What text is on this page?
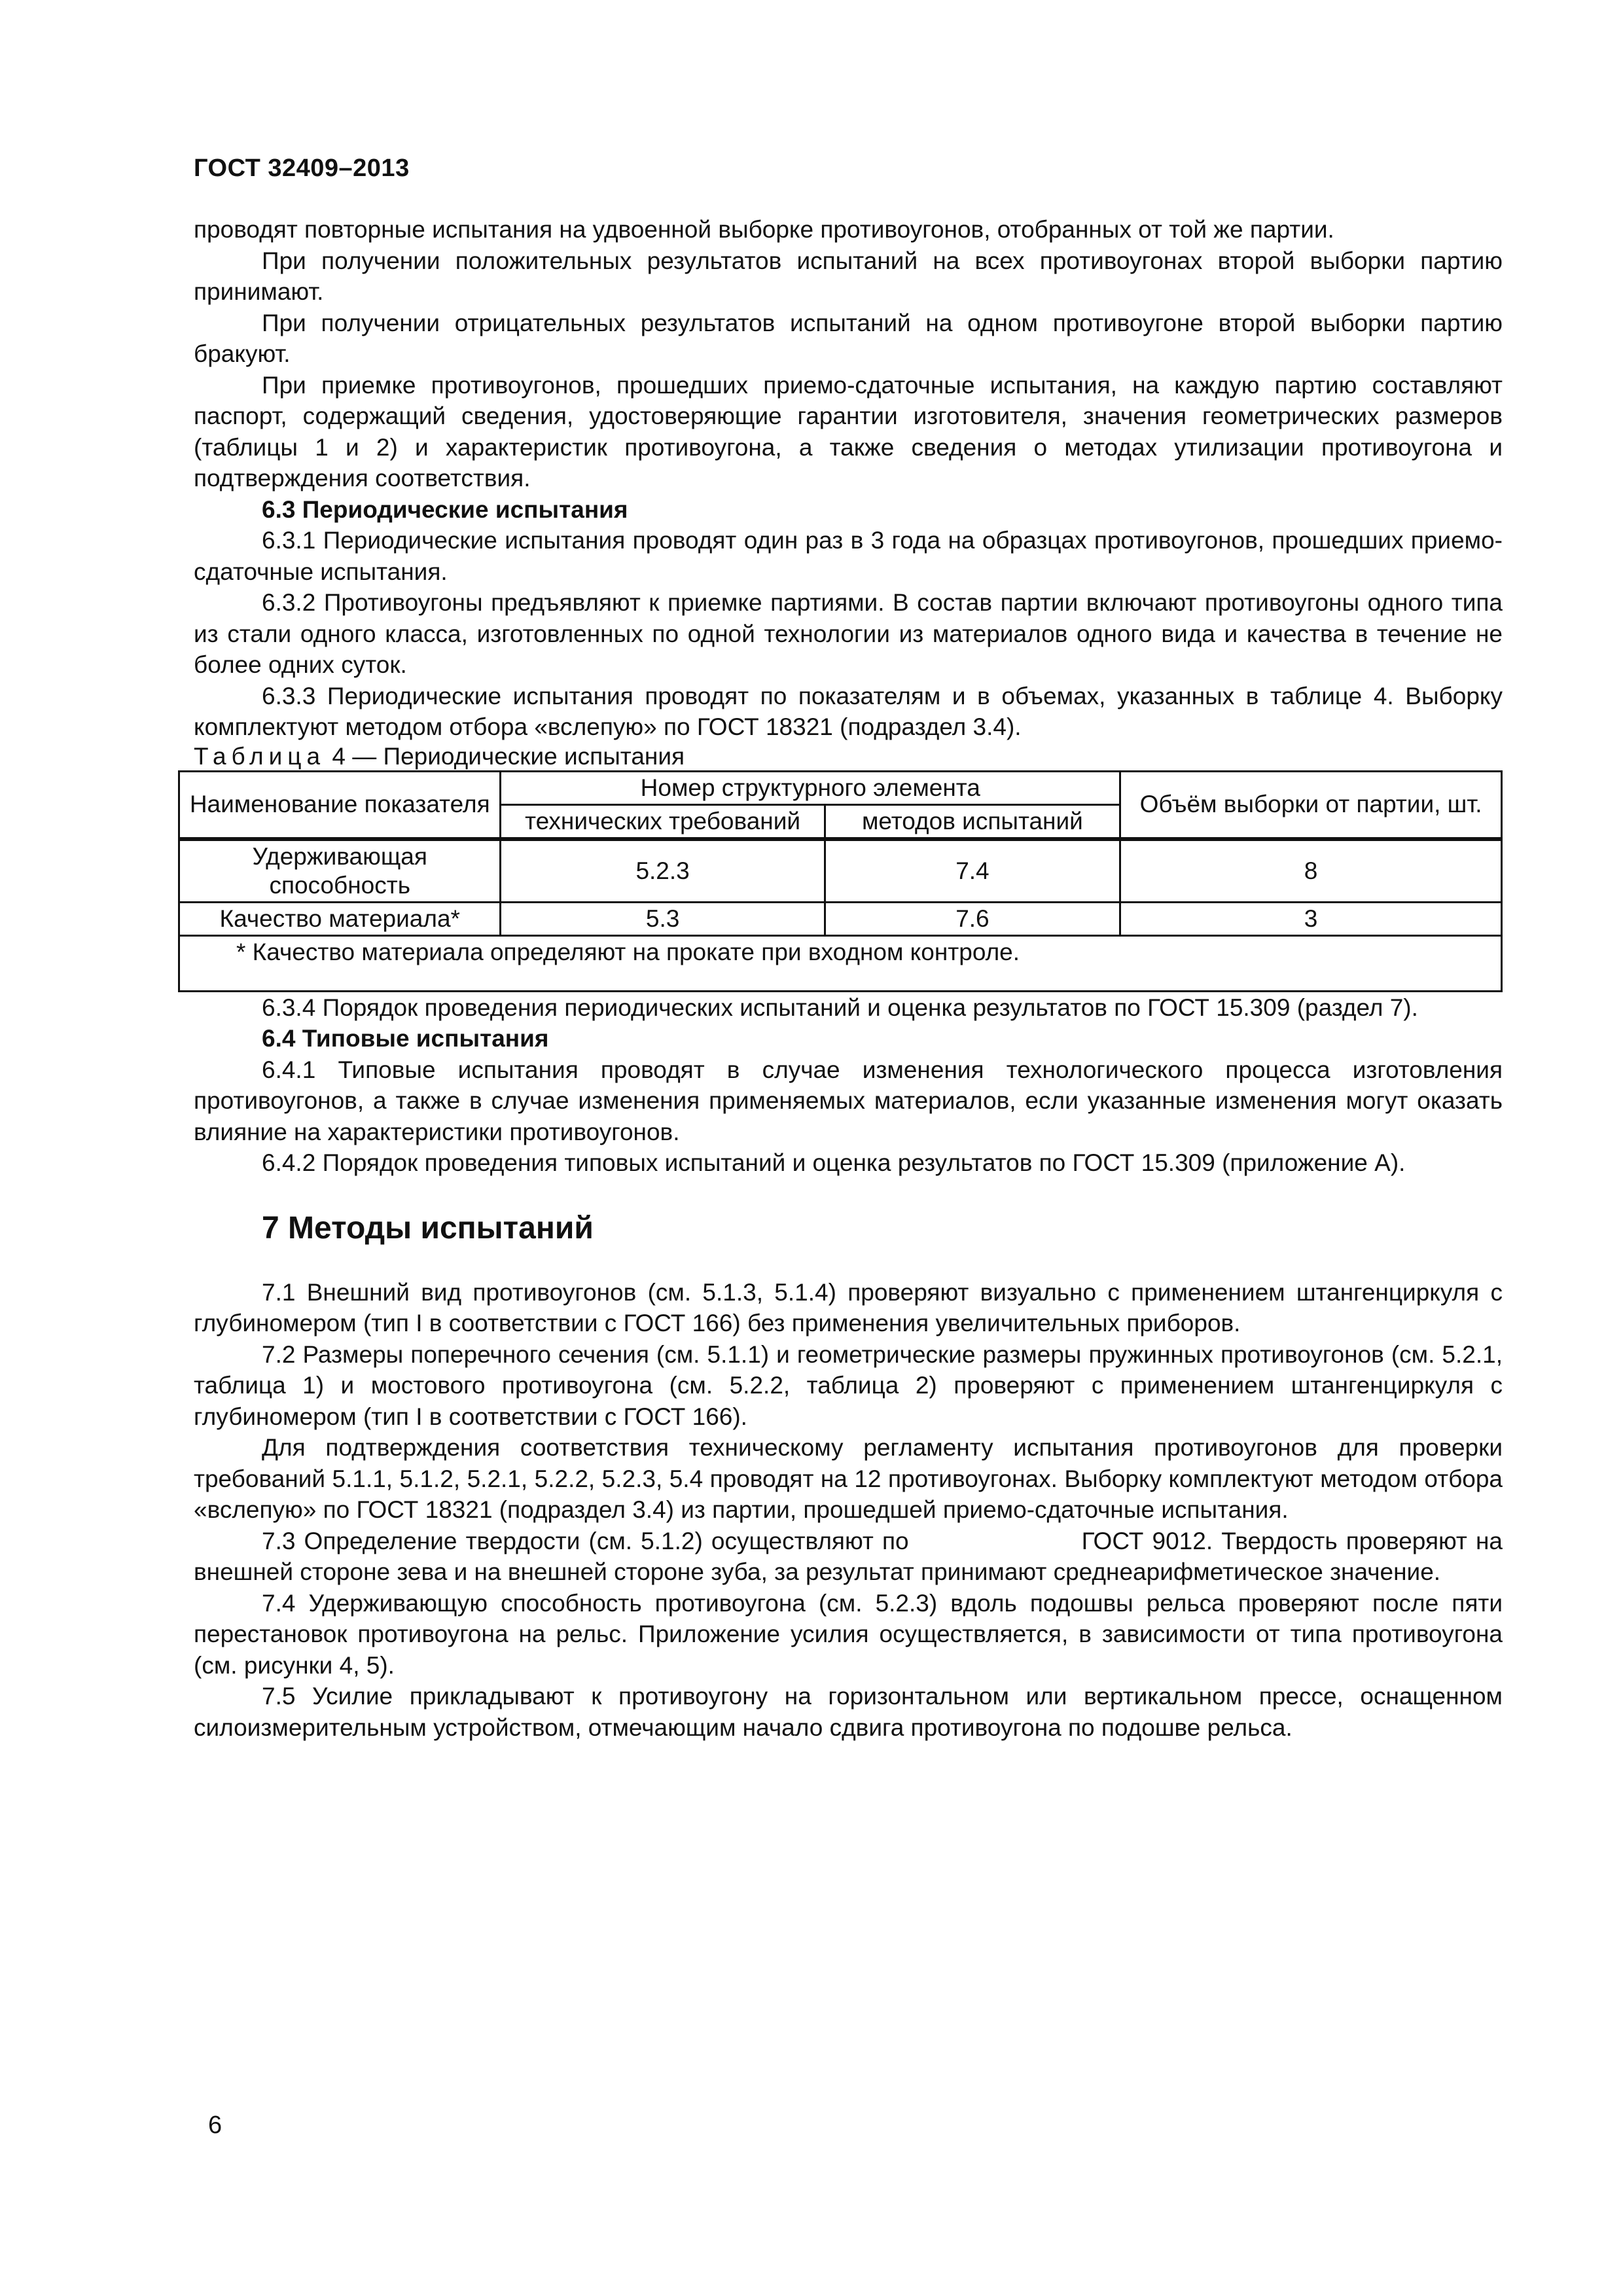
ГОСТ 32409–2013

проводят повторные испытания на удвоенной выборке противоугонов, отобранных от той же партии.

При получении положительных результатов испытаний на всех противоугонах второй выборки партию принимают.

При получении отрицательных результатов испытаний на одном противоугоне второй выборки партию бракуют.

При приемке противоугонов, прошедших приемо-сдаточные испытания, на каждую партию составляют паспорт, содержащий сведения, удостоверяющие гарантии изготовителя, значения геометрических размеров (таблицы 1 и 2) и характеристик противоугона, а также сведения о методах утилизации противоугона и подтверждения соответствия.

6.3 Периодические испытания

6.3.1 Периодические испытания проводят один раз в 3 года на образцах противоугонов, прошедших приемо-сдаточные испытания.

6.3.2 Противоугоны предъявляют к приемке партиями. В состав партии включают противоугоны одного типа из стали одного класса, изготовленных по одной технологии из материалов одного вида и качества в течение не более одних суток.

6.3.3 Периодические испытания проводят по показателям и в объемах, указанных в таблице 4. Выборку комплектуют методом отбора «вслепую» по ГОСТ 18321 (подраздел 3.4).

Таблица 4 — Периодические испытания

Наименование показателя	Номер структурного элемента		Объём выборки от партии, шт.
	технических требований	методов испытаний	
Удерживающая способность	5.2.3	7.4	8
Качество материала*	5.3	7.6	3
* Качество материала определяют на прокате при входном контроле.			

6.3.4 Порядок проведения периодических испытаний и оценка результатов по ГОСТ 15.309 (раздел 7).

6.4 Типовые испытания

6.4.1 Типовые испытания проводят в случае изменения технологического процесса изготовления противоугонов, а также в случае изменения применяемых материалов, если указанные изменения могут оказать влияние на характеристики противоугонов.

6.4.2 Порядок проведения типовых испытаний и оценка результатов по ГОСТ 15.309 (приложение А).

7 Методы испытаний

7.1 Внешний вид противоугонов (см. 5.1.3, 5.1.4) проверяют визуально с применением штангенциркуля с глубиномером (тип I в соответствии с ГОСТ 166) без применения увеличительных приборов.

7.2 Размеры поперечного сечения (см. 5.1.1) и геометрические размеры пружинных противоугонов (см. 5.2.1, таблица 1) и мостового противоугона (см. 5.2.2, таблица 2) проверяют с применением штангенциркуля с глубиномером (тип I в соответствии с ГОСТ 166).

Для подтверждения соответствия техническому регламенту испытания противоугонов для проверки требований 5.1.1, 5.1.2, 5.2.1, 5.2.2, 5.2.3, 5.4 проводят на 12 противоугонах. Выборку комплектуют методом отбора «вслепую» по ГОСТ 18321 (подраздел 3.4) из партии, прошедшей приемо-сдаточные испытания.

7.3 Определение твердости (см. 5.1.2) осуществляют по	ГОСТ 9012. Твердость проверяют на внешней стороне зева и на внешней стороне зуба, за результат принимают среднеарифметическое значение.

7.4 Удерживающую способность противоугона (см. 5.2.3) вдоль подошвы рельса проверяют после пяти перестановок противоугона на рельс. Приложение усилия осуществляется, в зависимости от типа противоугона (см. рисунки 4, 5).

7.5 Усилие прикладывают к противоугону на горизонтальном или вертикальном прессе, оснащенном силоизмерительным устройством, отмечающим начало сдвига противоугона по подошве рельса.

6
